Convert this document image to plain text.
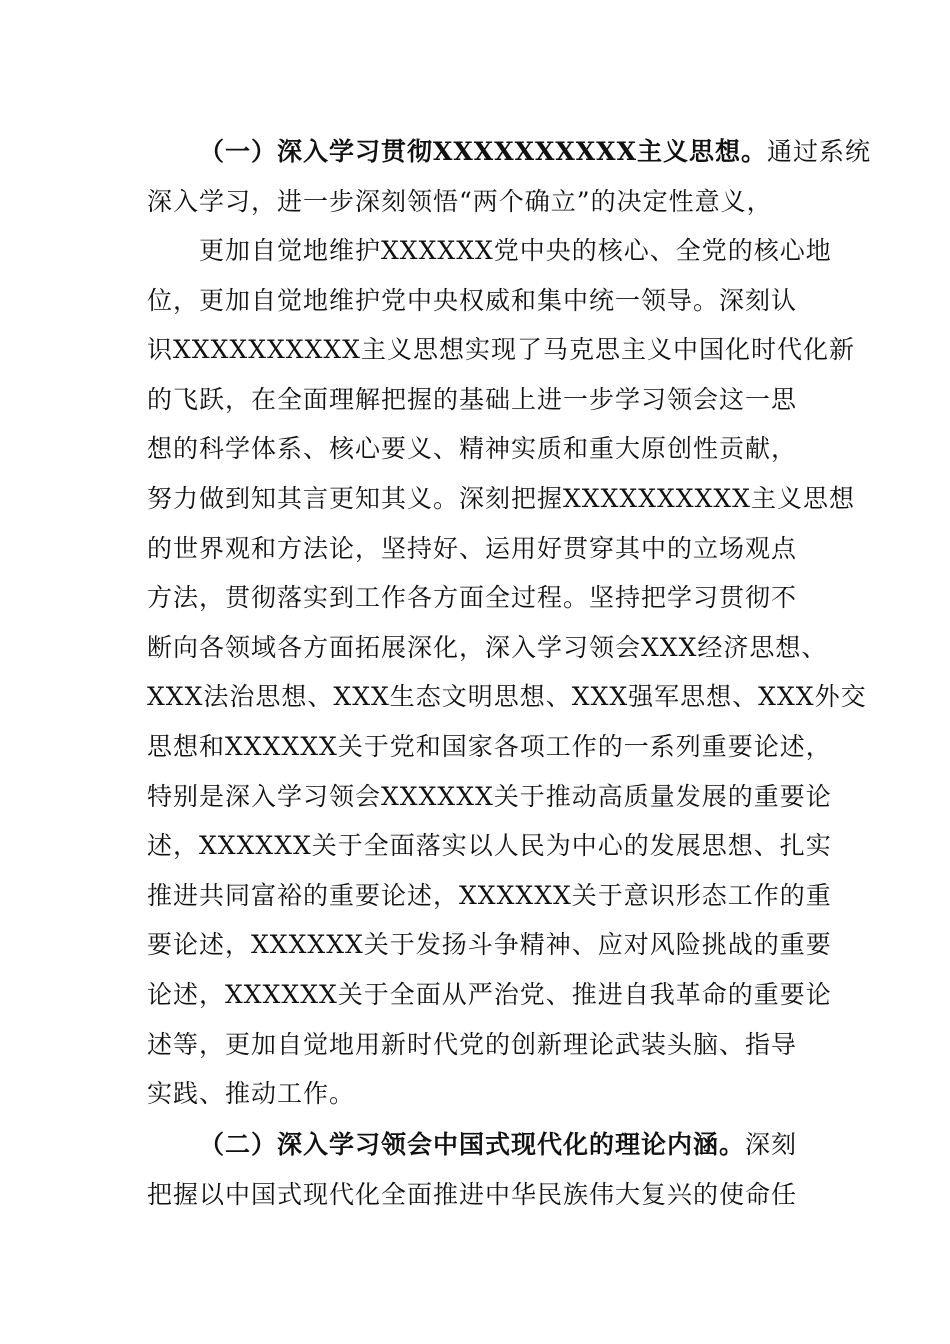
（一）深入学习贯彻XXXXXXXXXX主义思想。通过系统
深入学习，进一步深刻领悟“两个确立”的决定性意义，
更加自觉地维护XXXXXX党中央的核心、全党的核心地
位，更加自觉地维护党中央权威和集中统一领导。深刻认
识XXXXXXXXXX主义思想实现了马克思主义中国化时代化新
的飞跃，在全面理解把握的基础上进一步学习领会这一思
想的科学体系、核心要义、精神实质和重大原创性贡献，
努力做到知其言更知其义。深刻把握XXXXXXXXXX主义思想
的世界观和方法论，坚持好、运用好贯穿其中的立场观点
方法，贯彻落实到工作各方面全过程。坚持把学习贯彻不
断向各领域各方面拓展深化，深入学习领会XXX经济思想、
XXX法治思想、XXX生态文明思想、XXX强军思想、XXX外交
思想和XXXXXX关于党和国家各项工作的一系列重要论述，
特别是深入学习领会XXXXXX关于推动高质量发展的重要论
述，XXXXXX关于全面落实以人民为中心的发展思想、扎实
推进共同富裕的重要论述，XXXXXX关于意识形态工作的重
要论述，XXXXXX关于发扬斗争精神、应对风险挑战的重要
论述，XXXXXX关于全面从严治党、推进自我革命的重要论
述等，更加自觉地用新时代党的创新理论武装头脑、指导
实践、推动工作。
（二）深入学习领会中国式现代化的理论内涵。深刻
把握以中国式现代化全面推进中华民族伟大复兴的使命任
